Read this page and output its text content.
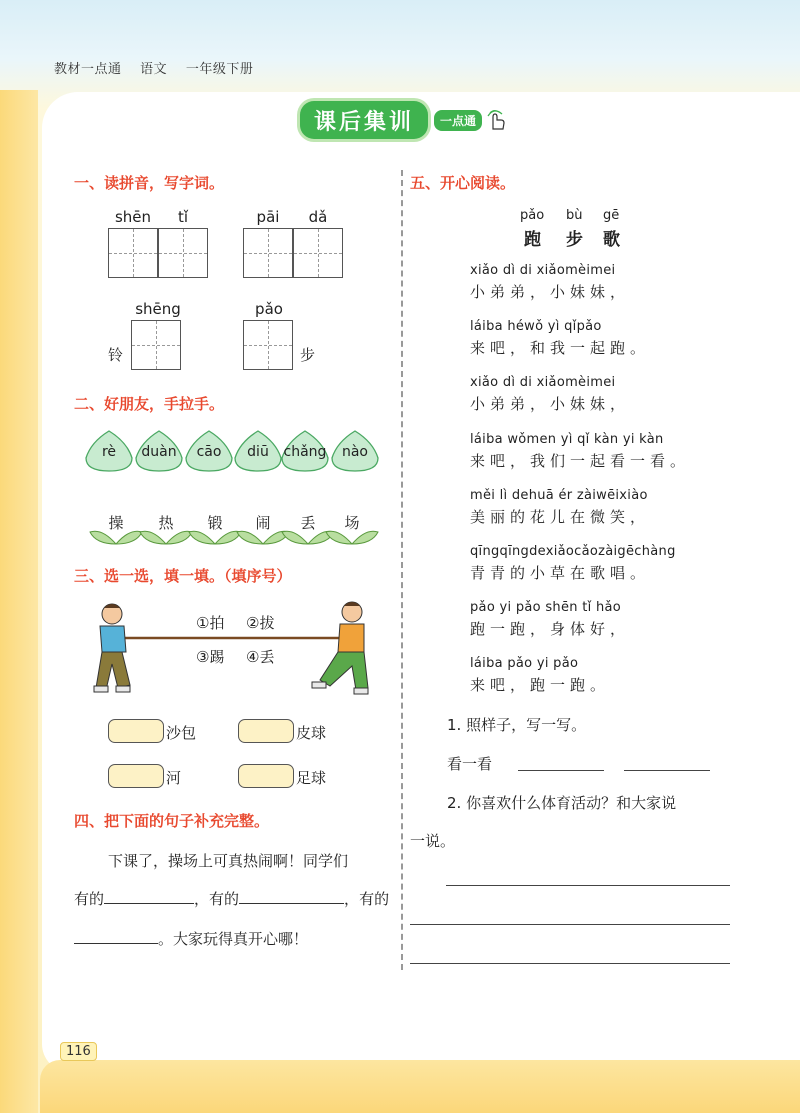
教材一点通 语文 一年级下册
课后集训	一点通
一、读拼音，写字词。
shēn	tǐ	pāi	dǎ
shēng	pǎo
铃	步
二、好朋友，手拉手。
rè	duàn	cāo	diū	chǎng	nào
操	热	锻	闹	丢	场
三、选一选，填一填。（填序号）
①拍 ②拔
③踢 ④丢
沙包	皮球
河	足球
四、把下面的句子补充完整。
下课了，操场上可真热闹啊！同学们
有的	，有的	，有的
。大家玩得真开心哪！
五、开心阅读。
pǎo bù gē
跑 步 歌
xiǎo dì di xiǎomèimei
小弟弟，小妹妹，
láiba héwǒ yì qǐpǎo
来吧，和我一起跑。
xiǎo dì di xiǎomèimei
小弟弟，小妹妹，
láiba wǒmen yì qǐ kàn yi kàn
来吧，我们一起看一看。
měi lì dehuā ér zàiwēixiào
美丽的花儿在微笑，
qīngqīngdexiǎocǎozàigēchàng
青青的小草在歌唱。
pǎo yi pǎo shēn tǐ hǎo
跑一跑，身体好，
láiba pǎo yi pǎo
来吧，跑一跑。
1. 照样子，写一写。
看一看
2. 你喜欢什么体育活动？和大家说
一说。
116
